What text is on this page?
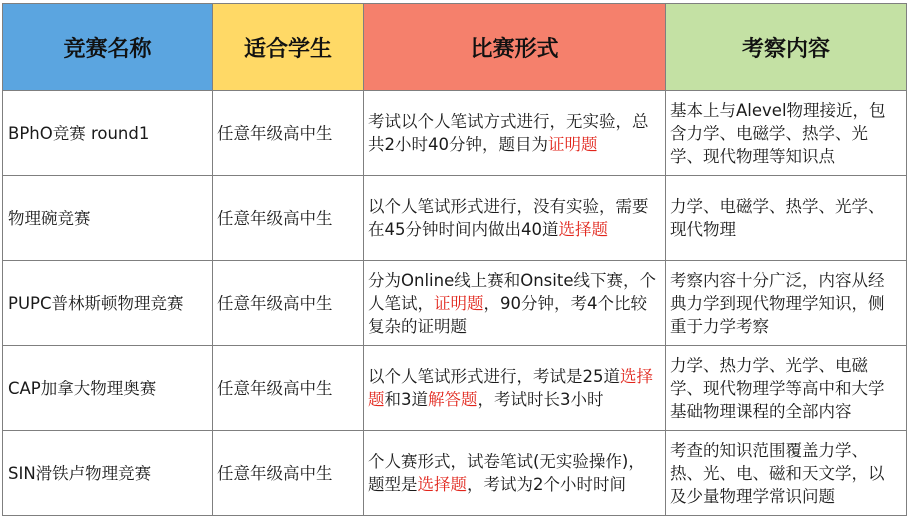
竞赛名称	适合学生	比赛形式	考察内容
BPhO竞赛 round1	任意年级高中生	考试以个人笔试方式进行，无实验，总共2小时40分钟，题目为证明题	基本上与Alevel物理接近，包含力学、电磁学、热学、光学、现代物理等知识点
物理碗竞赛	任意年级高中生	以个人笔试形式进行，没有实验，需要在45分钟时间内做出40道选择题	力学、电磁学、热学、光学、现代物理
PUPC普林斯顿物理竞赛	任意年级高中生	分为Online线上赛和Onsite线下赛，个人笔试，证明题，90分钟，考4个比较复杂的证明题	考察内容十分广泛，内容从经典力学到现代物理学知识，侧重于力学考察
CAP加拿大物理奥赛	任意年级高中生	以个人笔试形式进行，考试是25道选择题和3道解答题，考试时长3小时	力学、热力学、光学、电磁学、现代物理学等高中和大学基础物理课程的全部内容
SIN滑铁卢物理竞赛	任意年级高中生	个人赛形式，试卷笔试(无实验操作)，题型是选择题，考试为2个小时时间	考查的知识范围覆盖力学、热、光、电、磁和天文学，以及少量物理学常识问题
